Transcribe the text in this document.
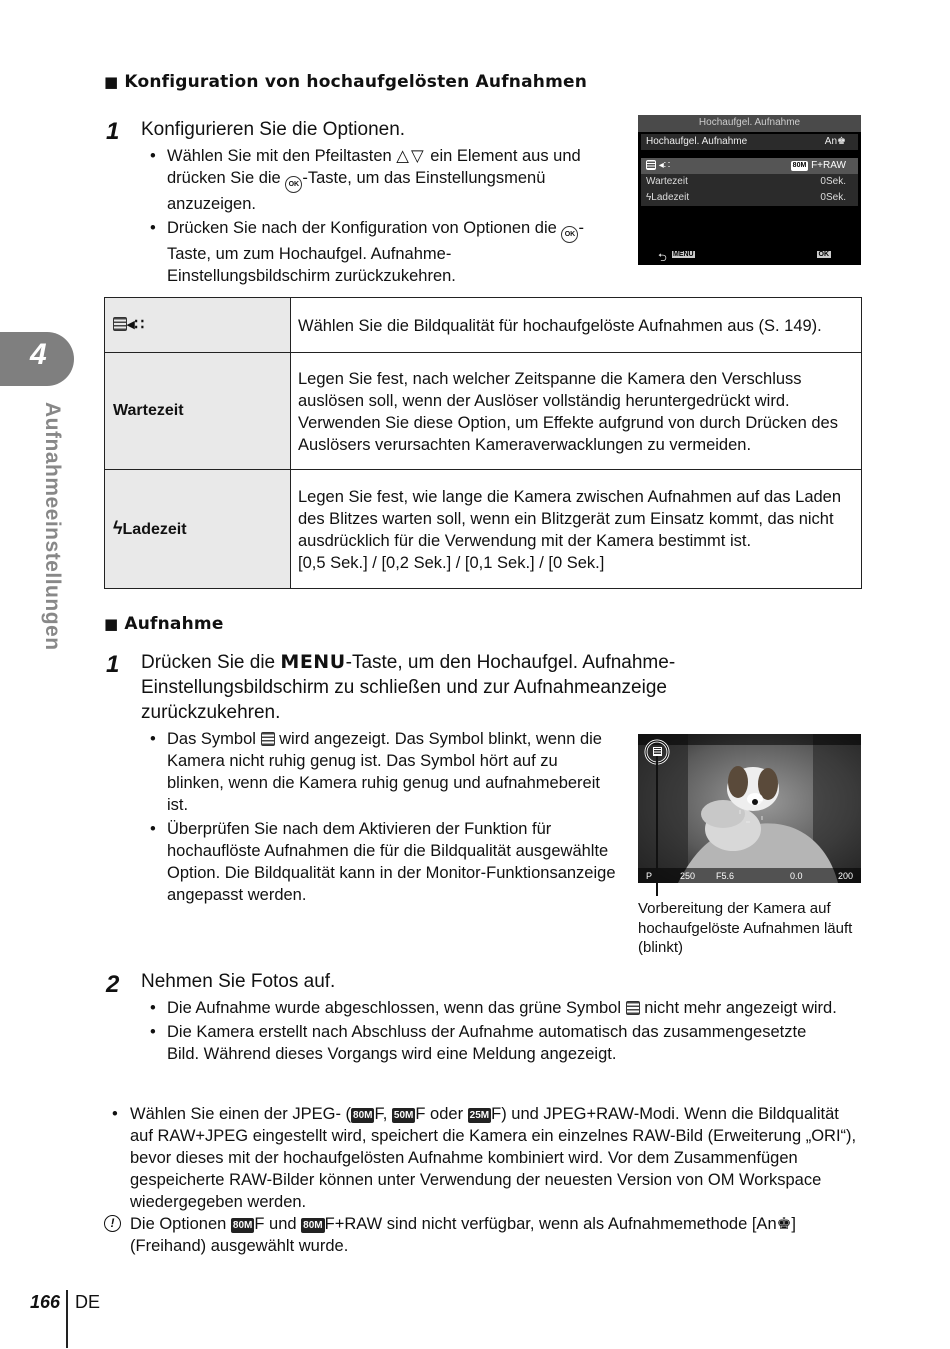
4
Aufnahmeeinstellungen
■ Konfiguration von hochaufgelösten Aufnahmen
1 Konfigurieren Sie die Optionen.
• Wählen Sie mit den Pfeiltasten △▽ ein Element aus und drücken Sie die OK -Taste, um das Einstellungsmenü anzuzeigen.
• Drücken Sie nach der Konfiguration von Optionen die OK -Taste, um zum Hochaufgel. Aufnahme-Einstellungsbildschirm zurückzukehren.
Hochaufgel. Aufnahme
Hochaufgel. Aufnahme	An♚
◂∷	80M F+RAW
Wartezeit	0Sek.
ϟLadezeit	0Sek.
⮌ MENU	OK
◂∷	Wählen Sie die Bildqualität für hochaufgelöste Aufnahmen aus (S. 149).
Wartezeit	Legen Sie fest, nach welcher Zeitspanne die Kamera den Verschluss auslösen soll, wenn der Auslöser vollständig heruntergedrückt wird. Verwenden Sie diese Option, um Effekte aufgrund von durch Drücken des Auslösers verursachten Kameraverwacklungen zu vermeiden.
ϟLadezeit	Legen Sie fest, wie lange die Kamera zwischen Aufnahmen auf das Laden des Blitzes warten soll, wenn ein Blitzgerät zum Einsatz kommt, das nicht ausdrücklich für die Verwendung mit der Kamera bestimmt ist.
[0,5 Sek.] / [0,2 Sek.] / [0,1 Sek.] / [0 Sek.]
■ Aufnahme
1 Drücken Sie die MENU-Taste, um den Hochaufgel. Aufnahme-Einstellungsbildschirm zu schließen und zur Aufnahmeanzeige zurückzukehren.
• Das Symbol wird angezeigt. Das Symbol blinkt, wenn die Kamera nicht ruhig genug ist. Das Symbol hört auf zu blinken, wenn die Kamera ruhig genug und aufnahmebereit ist.
• Überprüfen Sie nach dem Aktivieren der Funktion für hochauflöste Aufnahmen die für die Bildqualität ausgewählte Option. Die Bildqualität kann in der Monitor-Funktionsanzeige angepasst werden.
P	250 F5.6	0.0	200
Vorbereitung der Kamera auf hochaufgelöste Aufnahmen läuft (blinkt)
2 Nehmen Sie Fotos auf.
• Die Aufnahme wurde abgeschlossen, wenn das grüne Symbol nicht mehr angezeigt wird.
• Die Kamera erstellt nach Abschluss der Aufnahme automatisch das zusammengesetzte Bild. Während dieses Vorgangs wird eine Meldung angezeigt.
• Wählen Sie einen der JPEG- ( 80M F, 50M F oder 25M F) und JPEG+RAW-Modi. Wenn die Bildqualität auf RAW+JPEG eingestellt wird, speichert die Kamera ein einzelnes RAW-Bild (Erweiterung „ORI“), bevor dieses mit der hochaufgelösten Aufnahme kombiniert wird. Vor dem Zusammenfügen gespeicherte RAW-Bilder können unter Verwendung der neuesten Version von OM Workspace wiedergegeben werden.
! Die Optionen 80M F und 80M F+RAW sind nicht verfügbar, wenn als Aufnahmemethode [An♚] (Freihand) ausgewählt wurde.
166 DE
